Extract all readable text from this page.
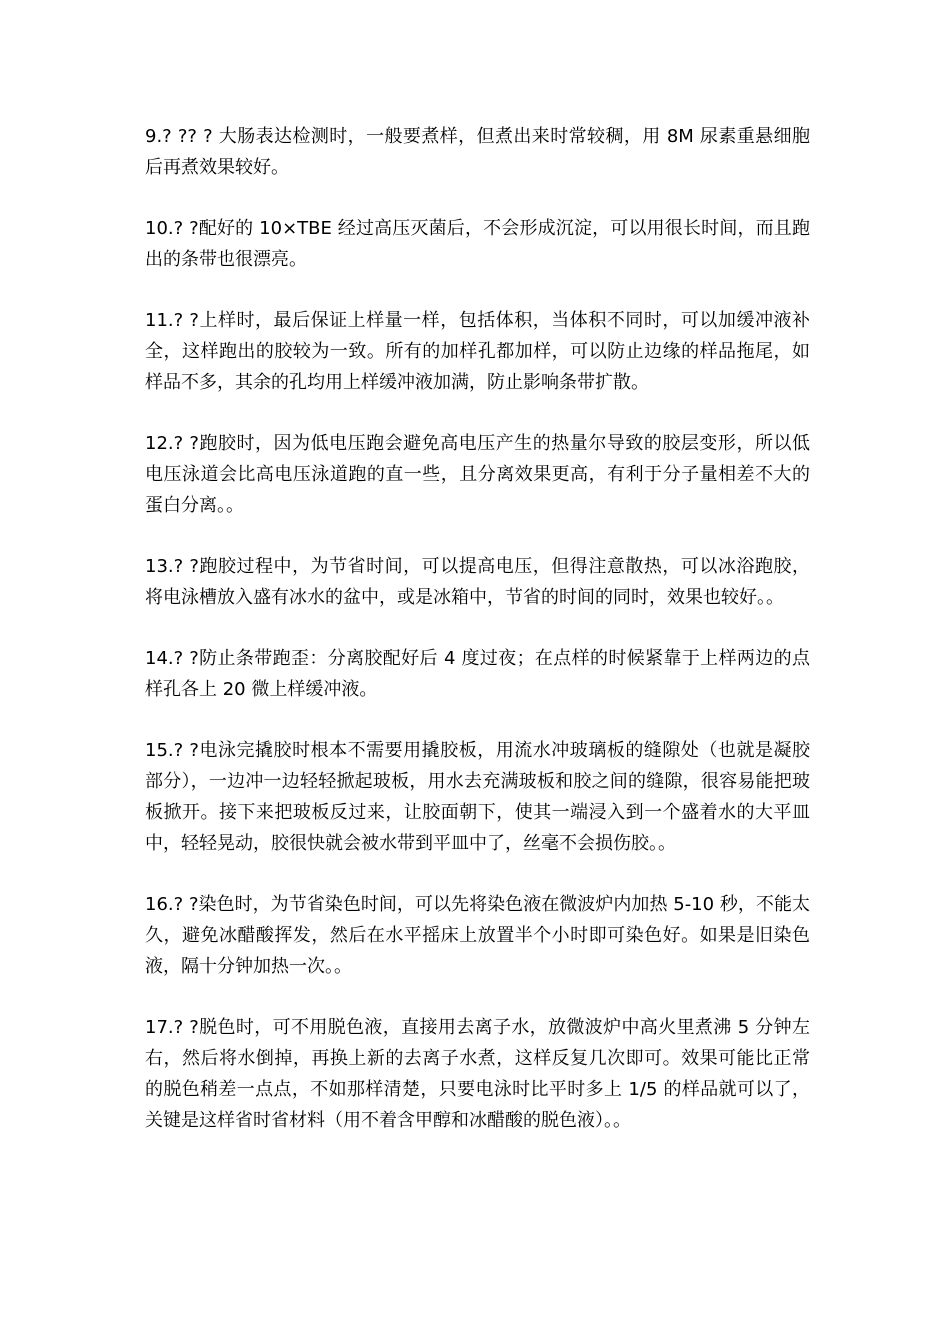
9.? ?? ? 大肠表达检测时，一般要煮样，但煮出来时常较稠，用 8M 尿素重悬细胞后再煮效果较好。

10.? ?配好的 10×TBE 经过高压灭菌后，不会形成沉淀，可以用很长时间，而且跑出的条带也很漂亮。

11.? ?上样时，最后保证上样量一样，包括体积，当体积不同时，可以加缓冲液补全，这样跑出的胶较为一致。所有的加样孔都加样，可以防止边缘的样品拖尾，如样品不多，其余的孔均用上样缓冲液加满，防止影响条带扩散。

12.? ?跑胶时，因为低电压跑会避免高电压产生的热量尔导致的胶层变形，所以低电压泳道会比高电压泳道跑的直一些，且分离效果更高，有利于分子量相差不大的蛋白分离。。

13.? ?跑胶过程中，为节省时间，可以提高电压，但得注意散热，可以冰浴跑胶，将电泳槽放入盛有冰水的盆中，或是冰箱中，节省的时间的同时，效果也较好。。

14.? ?防止条带跑歪：分离胶配好后 4 度过夜；在点样的时候紧靠于上样两边的点样孔各上 20 微上样缓冲液。

15.? ?电泳完撬胶时根本不需要用撬胶板，用流水冲玻璃板的缝隙处（也就是凝胶部分），一边冲一边轻轻掀起玻板，用水去充满玻板和胶之间的缝隙，很容易能把玻板掀开。接下来把玻板反过来，让胶面朝下，使其一端浸入到一个盛着水的大平皿中，轻轻晃动，胶很快就会被水带到平皿中了，丝毫不会损伤胶。。

16.? ?染色时，为节省染色时间，可以先将染色液在微波炉内加热 5-10 秒，不能太久，避免冰醋酸挥发，然后在水平摇床上放置半个小时即可染色好。如果是旧染色液，隔十分钟加热一次。。

17.? ?脱色时，可不用脱色液，直接用去离子水，放微波炉中高火里煮沸 5 分钟左右，然后将水倒掉，再换上新的去离子水煮，这样反复几次即可。效果可能比正常的脱色稍差一点点，不如那样清楚，只要电泳时比平时多上 1/5 的样品就可以了，关键是这样省时省材料（用不着含甲醇和冰醋酸的脱色液）。。
